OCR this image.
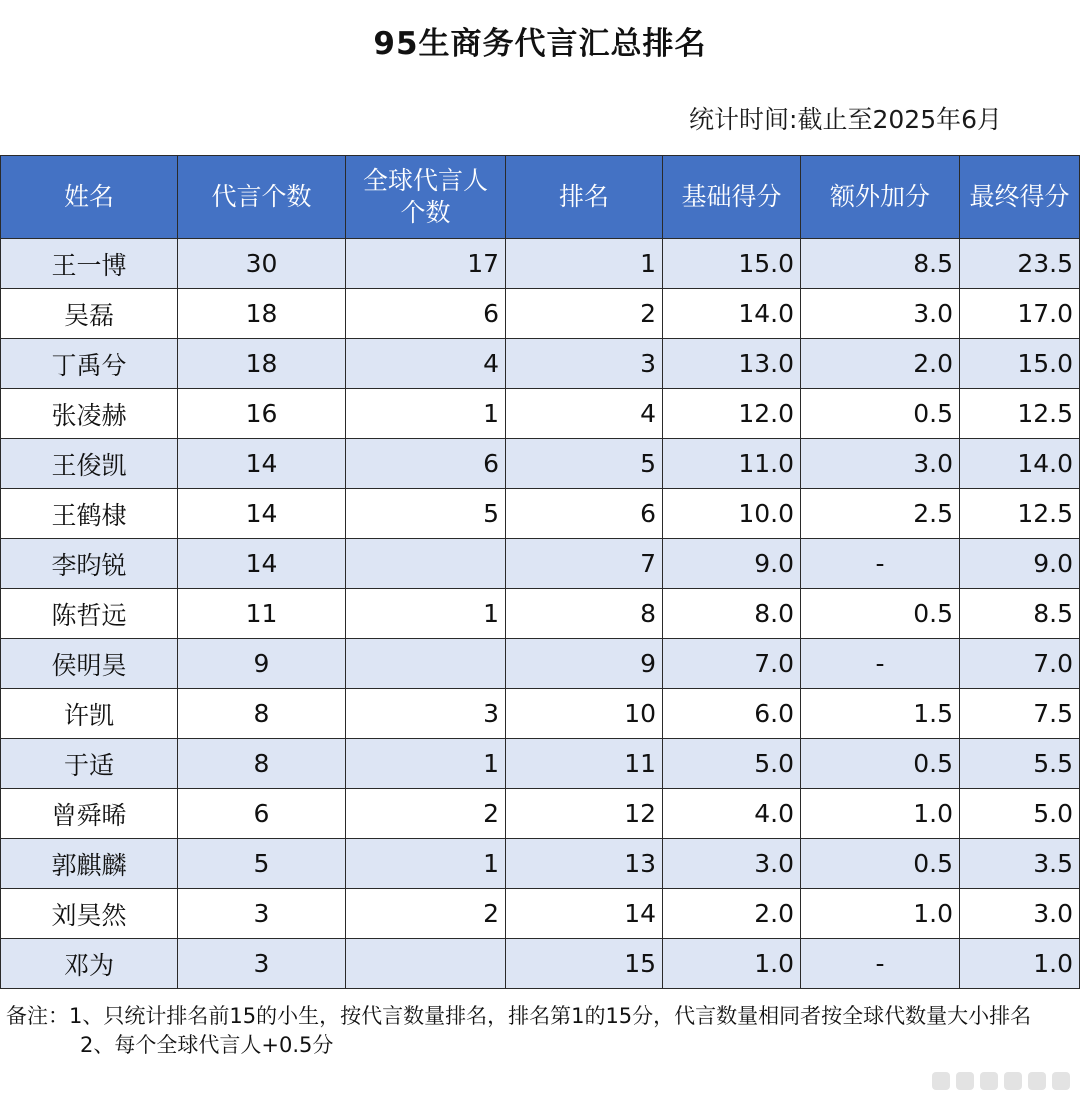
95生商务代言汇总排名
统计时间:截止至2025年6月
姓名	代言个数	全球代言人个数	排名	基础得分	额外加分	最终得分
王一博	30	17	1	15.0	8.5	23.5
吴磊	18	6	2	14.0	3.0	17.0
丁禹兮	18	4	3	13.0	2.0	15.0
张凌赫	16	1	4	12.0	0.5	12.5
王俊凯	14	6	5	11.0	3.0	14.0
王鹤棣	14	5	6	10.0	2.5	12.5
李昀锐	14		7	9.0	-	9.0
陈哲远	11	1	8	8.0	0.5	8.5
侯明昊	9		9	7.0	-	7.0
许凯	8	3	10	6.0	1.5	7.5
于适	8	1	11	5.0	0.5	5.5
曾舜晞	6	2	12	4.0	1.0	5.0
郭麒麟	5	1	13	3.0	0.5	3.5
刘昊然	3	2	14	2.0	1.0	3.0
邓为	3		15	1.0	-	1.0
备注：1、只统计排名前15的小生，按代言数量排名，排名第1的15分，代言数量相同者按全球代数量大小排名
2、每个全球代言人+0.5分
